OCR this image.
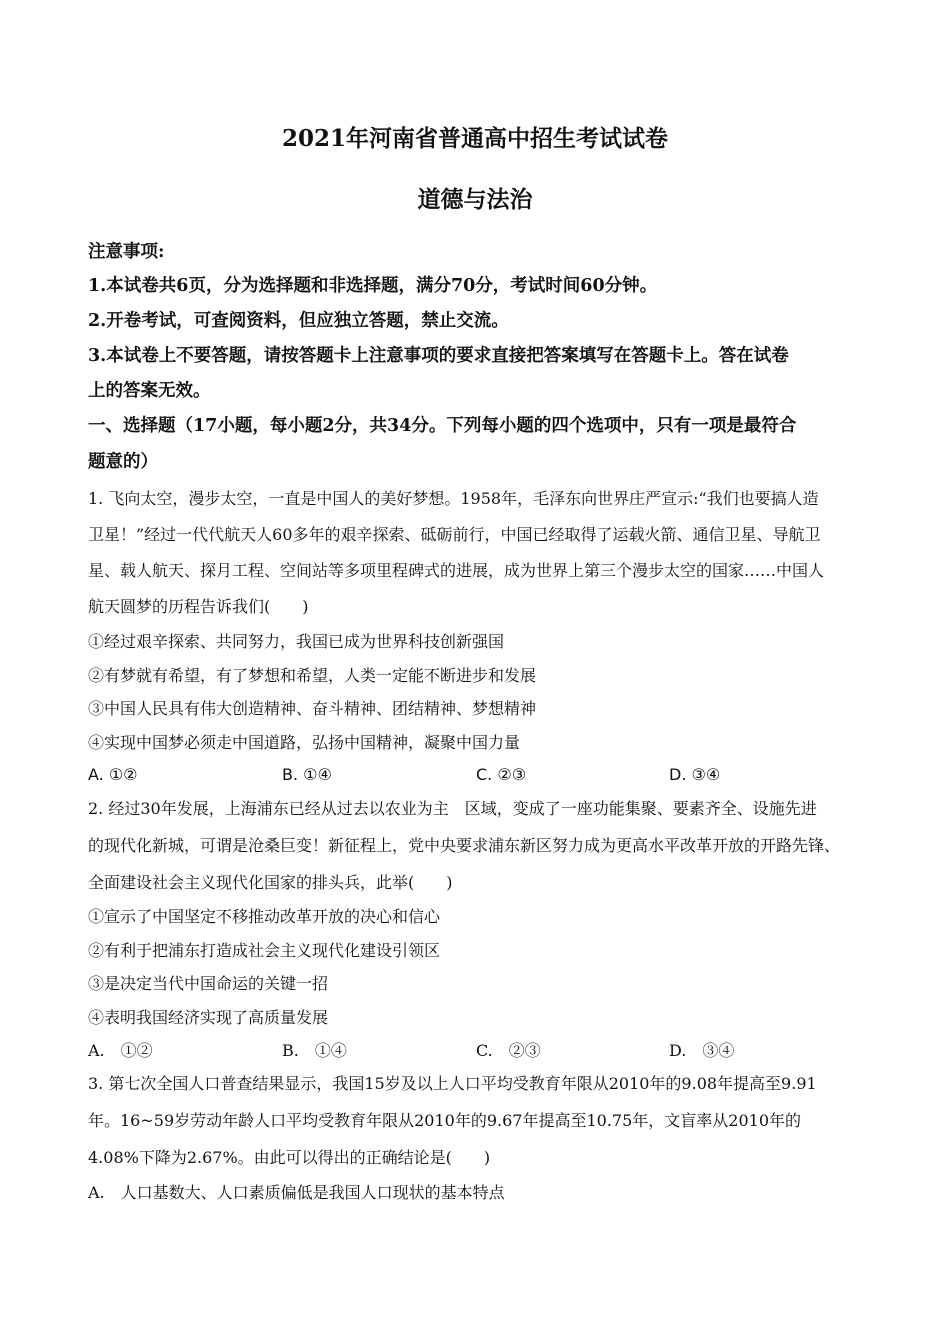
2021年河南省普通高中招生考试试卷
道德与法治
注意事项:
1.本试卷共6页，分为选择题和非选择题，满分70分，考试时间60分钟。
2.开卷考试，可查阅资料，但应独立答题，禁止交流。
3.本试卷上不要答题，请按答题卡上注意事项的要求直接把答案填写在答题卡上。答在试卷
上的答案无效。
一、选择题（17小题，每小题2分，共34分。下列每小题的四个选项中，只有一项是最符合
题意的）
1. 飞向太空，漫步太空，一直是中国人的美好梦想。1958年，毛泽东向世界庄严宣示:“我们也要搞人造
卫星！”经过一代代航天人60多年的艰辛探索、砥砺前行，中国已经取得了运载火箭、通信卫星、导航卫
星、载人航天、探月工程、空间站等多项里程碑式的进展，成为世界上第三个漫步太空的国家……中国人
航天圆梦的历程告诉我们(　　)
①经过艰辛探索、共同努力，我国已成为世界科技创新强国
②有梦就有希望，有了梦想和希望，人类一定能不断进步和发展
③中国人民具有伟大创造精神、奋斗精神、团结精神、梦想精神
④实现中国梦必须走中国道路，弘扬中国精神，凝聚中国力量
A. ①②	B. ①④	C. ②③	D. ③④
2. 经过30年发展，上海浦东已经从过去以农业为主　区域，变成了一座功能集聚、要素齐全、设施先进
的现代化新城，可谓是沧桑巨变！新征程上，党中央要求浦东新区努力成为更高水平改革开放的开路先锋、
全面建设社会主义现代化国家的排头兵，此举(　　)
①宣示了中国坚定不移推动改革开放的决心和信心
②有利于把浦东打造成社会主义现代化建设引领区
③是决定当代中国命运的关键一招
④表明我国经济实现了高质量发展
A.　①②	B.　①④	C.　②③	D.　③④
3. 第七次全国人口普查结果显示，我国15岁及以上人口平均受教育年限从2010年的9.08年提高至9.91
年。16~59岁劳动年龄人口平均受教育年限从2010年的9.67年提高至10.75年，文盲率从2010年的
4.08%下降为2.67%。由此可以得出的正确结论是(　　)
A.　人口基数大、人口素质偏低是我国人口现状的基本特点
